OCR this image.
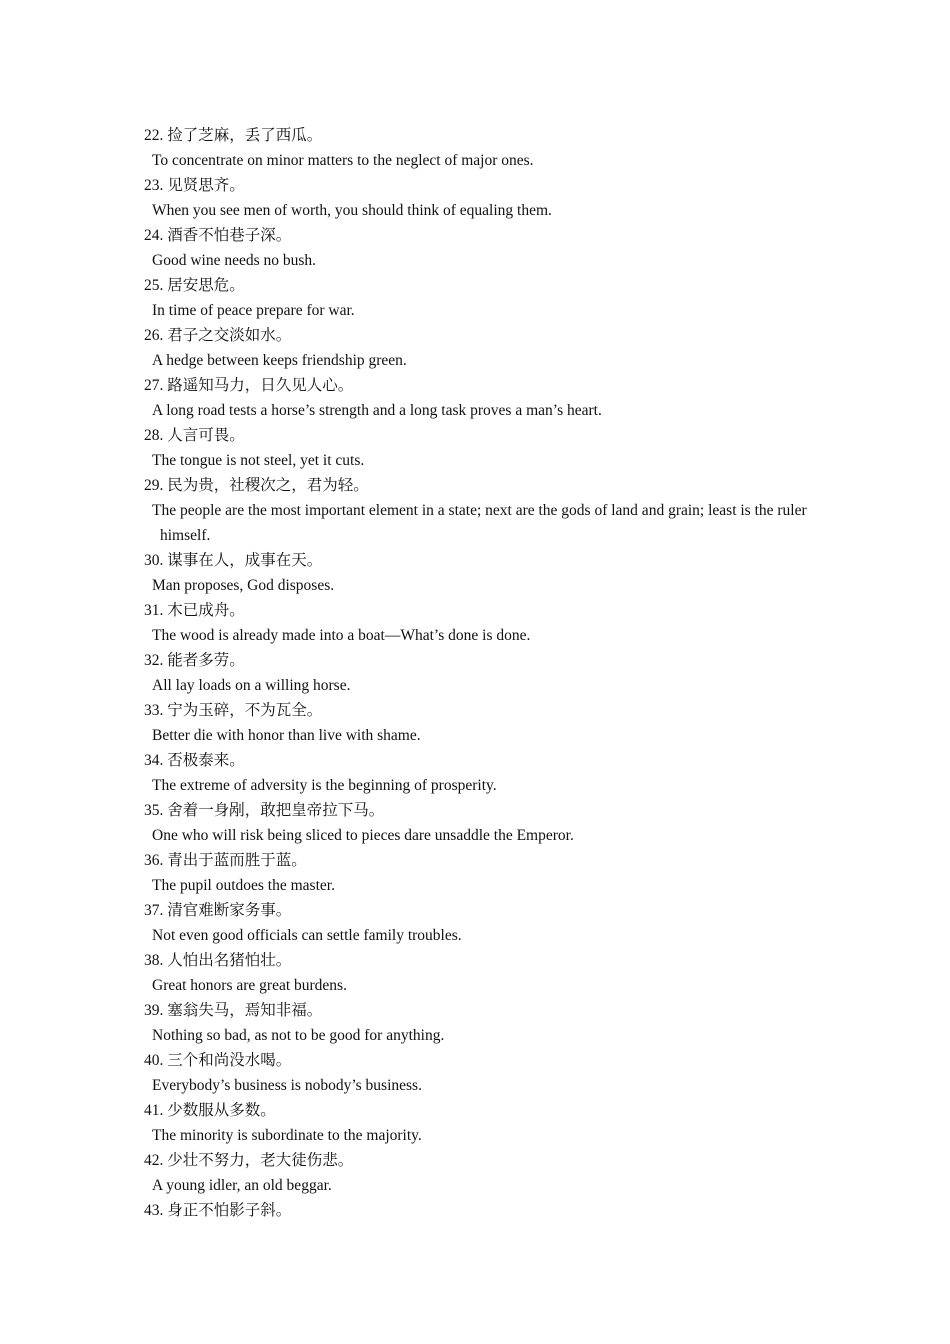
22. 捡了芝麻，丢了西瓜。
To concentrate on minor matters to the neglect of major ones.
23. 见贤思齐。
When you see men of worth, you should think of equaling them.
24. 酒香不怕巷子深。
Good wine needs no bush.
25. 居安思危。
In time of peace prepare for war.
26. 君子之交淡如水。
A hedge between keeps friendship green.
27. 路遥知马力，日久见人心。
A long road tests a horse’s strength and a long task proves a man’s heart.
28. 人言可畏。
The tongue is not steel, yet it cuts.
29. 民为贵，社稷次之，君为轻。
The people are the most important element in a state; next are the gods of land and grain; least is the ruler himself.
30. 谋事在人，成事在天。
Man proposes, God disposes.
31. 木已成舟。
The wood is already made into a boat—What’s done is done.
32. 能者多劳。
All lay loads on a willing horse.
33. 宁为玉碎，不为瓦全。
Better die with honor than live with shame.
34. 否极泰来。
The extreme of adversity is the beginning of prosperity.
35. 舍着一身剐，敢把皇帝拉下马。
One who will risk being sliced to pieces dare unsaddle the Emperor.
36. 青出于蓝而胜于蓝。
The pupil outdoes the master.
37. 清官难断家务事。
Not even good officials can settle family troubles.
38. 人怕出名猪怕壮。
Great honors are great burdens.
39. 塞翁失马，焉知非福。
Nothing so bad, as not to be good for anything.
40. 三个和尚没水喝。
Everybody’s business is nobody’s business.
41. 少数服从多数。
The minority is subordinate to the majority.
42. 少壮不努力，老大徒伤悲。
A young idler, an old beggar.
43. 身正不怕影子斜。
